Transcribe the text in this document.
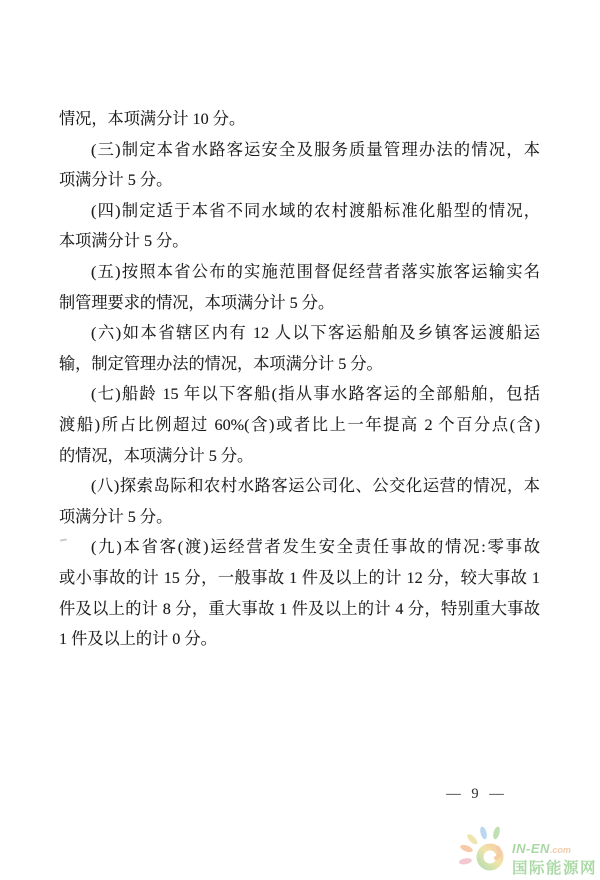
情况，本项满分计 10 分。
(三)制定本省水路客运安全及服务质量管理办法的情况，本
项满分计 5 分。
(四)制定适于本省不同水域的农村渡船标准化船型的情况，
本项满分计 5 分。
(五)按照本省公布的实施范围督促经营者落实旅客运输实名
制管理要求的情况，本项满分计 5 分。
(六)如本省辖区内有 12 人以下客运船舶及乡镇客运渡船运
输，制定管理办法的情况，本项满分计 5 分。
(七)船龄 15 年以下客船(指从事水路客运的全部船舶，包括
渡船)所占比例超过 60%(含)或者比上一年提高 2 个百分点(含)
的情况，本项满分计 5 分。
(八)探索岛际和农村水路客运公司化、公交化运营的情况，本
项满分计 5 分。
(九)本省客(渡)运经营者发生安全责任事故的情况:零事故
或小事故的计 15 分，一般事故 1 件及以上的计 12 分，较大事故 1
件及以上的计 8 分，重大事故 1 件及以上的计 4 分，特别重大事故
1 件及以上的计 0 分。
— 9 —
IN-EN.com
国际能源网
